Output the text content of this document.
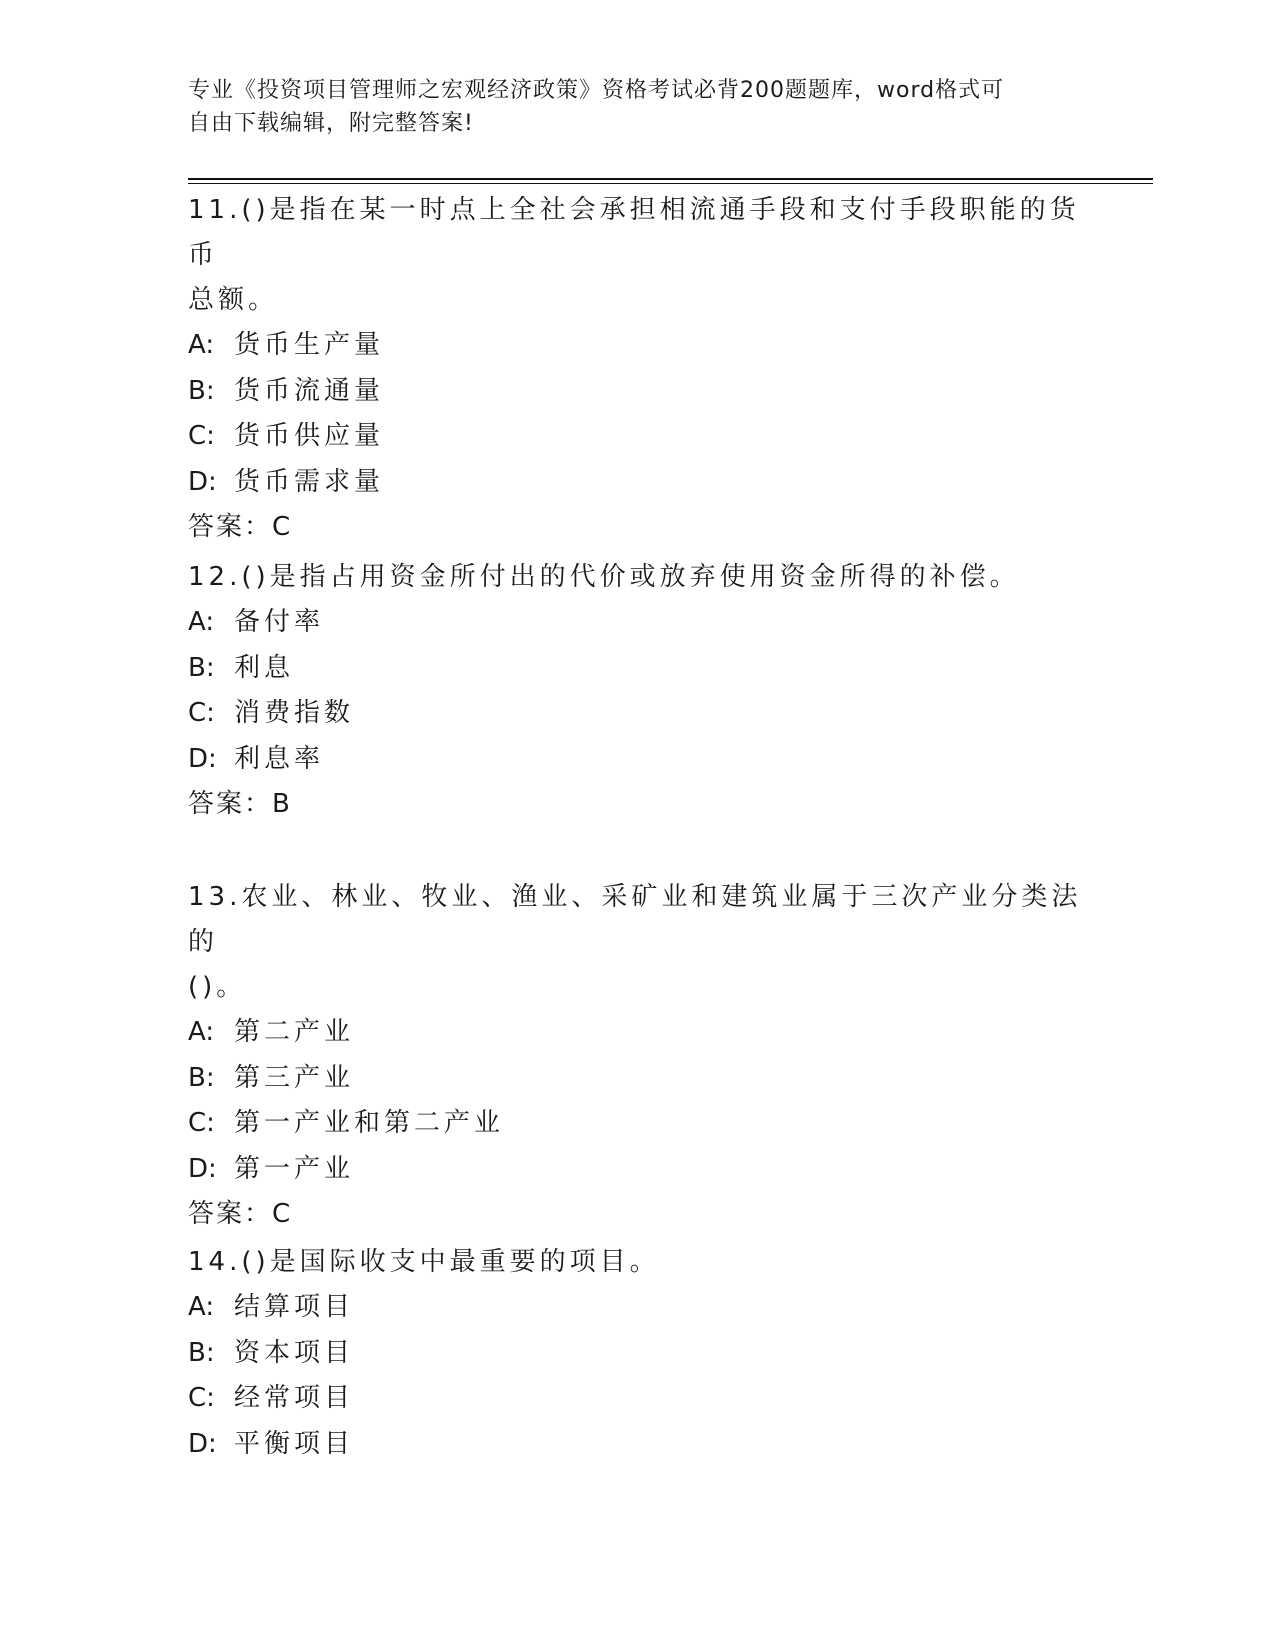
专业《投资项目管理师之宏观经济政策》资格考试必背200题题库，word格式可
自由下载编辑，附完整答案!

11.()是指在某一时点上全社会承担相流通手段和支付手段职能的货币

总额。

A: 货币生产量

B: 货币流通量

C: 货币供应量

D: 货币需求量

答案：C

12.()是指占用资金所付出的代价或放弃使用资金所得的补偿。

A: 备付率

B: 利息

C: 消费指数

D: 利息率

答案：B

13.农业、林业、牧业、渔业、采矿业和建筑业属于三次产业分类法的

()。

A: 第二产业

B: 第三产业

C: 第一产业和第二产业

D: 第一产业

答案：C

14.()是国际收支中最重要的项目。

A: 结算项目

B: 资本项目

C: 经常项目

D: 平衡项目
